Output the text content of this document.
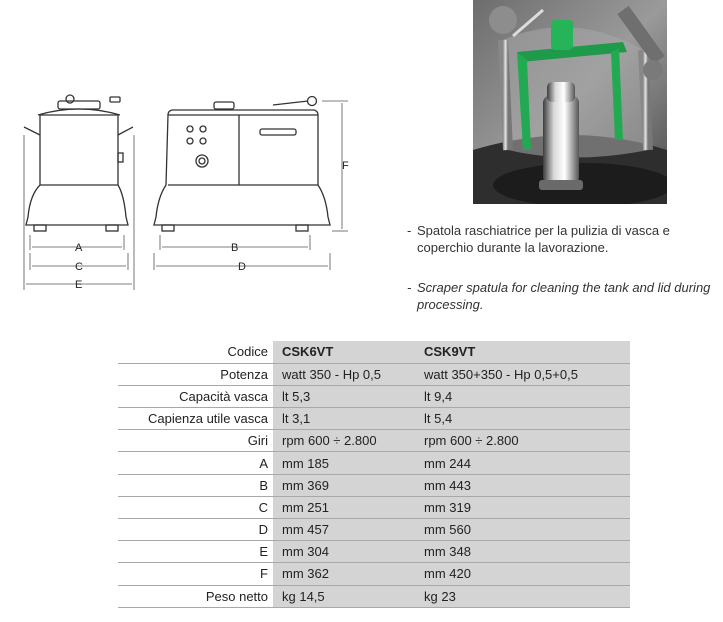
A
C
E
B
D
F
- Spatola raschiatrice per la pulizia di vasca e coperchio durante la lavorazione.
- Scraper spatula for cleaning the tank and lid during processing.
Codice	CSK6VT	CSK9VT
Potenza	watt 350 - Hp 0,5	watt 350+350 - Hp 0,5+0,5
Capacità vasca	lt 5,3	lt 9,4
Capienza utile vasca	lt 3,1	lt 5,4
Giri	rpm 600 ÷ 2.800	rpm 600 ÷ 2.800
A	mm 185	mm 244
B	mm 369	mm 443
C	mm 251	mm 319
D	mm 457	mm 560
E	mm 304	mm 348
F	mm 362	mm 420
Peso netto	kg 14,5	kg 23
